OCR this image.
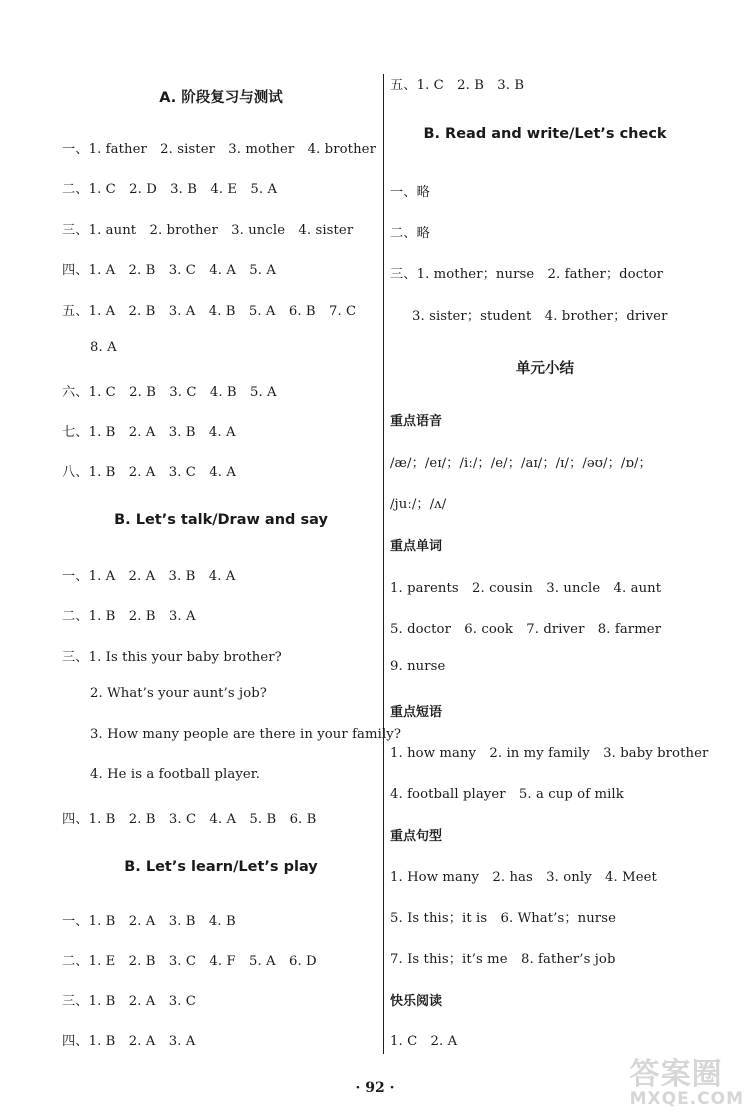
A. 阶段复习与测试
一、1. father　2. sister　3. mother　4. brother
二、1. C　2. D　3. B　4. E　5. A
三、1. aunt　2. brother　3. uncle　4. sister
四、1. A　2. B　3. C　4. A　5. A
五、1. A　2. B　3. A　4. B　5. A　6. B　7. C
8. A
六、1. C　2. B　3. C　4. B　5. A
七、1. B　2. A　3. B　4. A
八、1. B　2. A　3. C　4. A
B. Let’s talk/Draw and say
一、1. A　2. A　3. B　4. A
二、1. B　2. B　3. A
三、1. Is this your baby brother?
2. What’s your aunt’s job?
3. How many people are there in your family?
4. He is a football player.
四、1. B　2. B　3. C　4. A　5. B　6. B
B. Let’s learn/Let’s play
一、1. B　2. A　3. B　4. B
二、1. E　2. B　3. C　4. F　5. A　6. D
三、1. B　2. A　3. C
四、1. B　2. A　3. A
五、1. C　2. B　3. B
B. Read and write/Let’s check
一、略
二、略
三、1. mother；nurse　2. father；doctor
3. sister；student　4. brother；driver
单元小结
重点语音
/æ/；/eɪ/；/iː/；/e/；/aɪ/；/ɪ/；/əʊ/；/ɒ/；
/juː/；/ʌ/
重点单词
1. parents　2. cousin　3. uncle　4. aunt
5. doctor　6. cook　7. driver　8. farmer
9. nurse
重点短语
1. how many　2. in my family　3. baby brother
4. football player　5. a cup of milk
重点句型
1. How many　2. has　3. only　4. Meet
5. Is this；it is　6. What’s；nurse
7. Is this；it’s me　8. father’s job
快乐阅读
1. C　2. A
· 92 ·	答案圈
MXQE.COM
